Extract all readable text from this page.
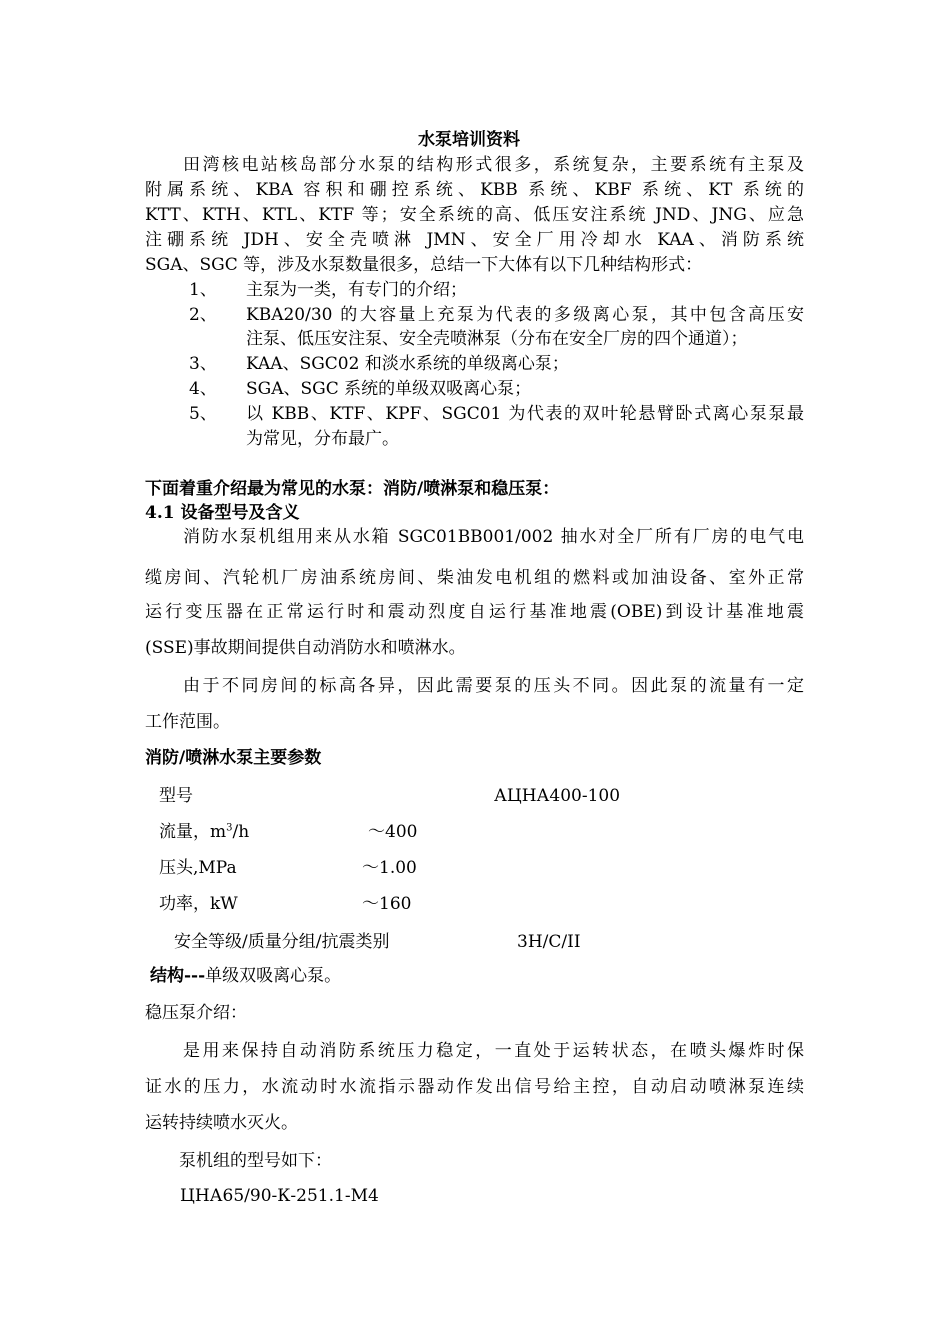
水泵培训资料
田湾核电站核岛部分水泵的结构形式很多，系统复杂，主要系统有主泵及
附属系统、KBA 容积和硼控系统、KBB 系统、KBF 系统、KT 系统的
KTT、KTH、KTL、KTF 等；安全系统的高、低压安注系统 JND、JNG、应急
注硼系统 JDH、安全壳喷淋 JMN、安全厂用冷却水 KAA、消防系统
SGA、SGC 等，涉及水泵数量很多，总结一下大体有以下几种结构形式：
1、 主泵为一类，有专门的介绍；
2、 KBA20/30 的大容量上充泵为代表的多级离心泵，其中包含高压安
注泵、低压安注泵、安全壳喷淋泵（分布在安全厂房的四个通道）；
3、 KAA、SGC02 和淡水系统的单级离心泵；
4、 SGA、SGC 系统的单级双吸离心泵；
5、 以 KBB、KTF、KPF、SGC01 为代表的双叶轮悬臂卧式离心泵泵最
为常见，分布最广。
下面着重介绍最为常见的水泵：消防/喷淋泵和稳压泵：
4.1 设备型号及含义
消防水泵机组用来从水箱 SGC01BB001/002 抽水对全厂所有厂房的电气电
缆房间、汽轮机厂房油系统房间、柴油发电机组的燃料或加油设备、室外正常
运行变压器在正常运行时和震动烈度自运行基准地震(OBE)到设计基准地震
(SSE)事故期间提供自动消防水和喷淋水。
由于不同房间的标高各异，因此需要泵的压头不同。因此泵的流量有一定
工作范围。
消防/喷淋水泵主要参数
型号	АЦНА400-100
流量，$m^3/h$	～400
压头,MPa	～1.00
功率，kW	～160
安全等级/质量分组/抗震类别	3Н/С/II
结构---单级双吸离心泵。
稳压泵介绍：
是用来保持自动消防系统压力稳定，一直处于运转状态，在喷头爆炸时保
证水的压力，水流动时水流指示器动作发出信号给主控，自动启动喷淋泵连续
运转持续喷水灭火。
泵机组的型号如下：
ЦНА65/90-К-251.1-М4
